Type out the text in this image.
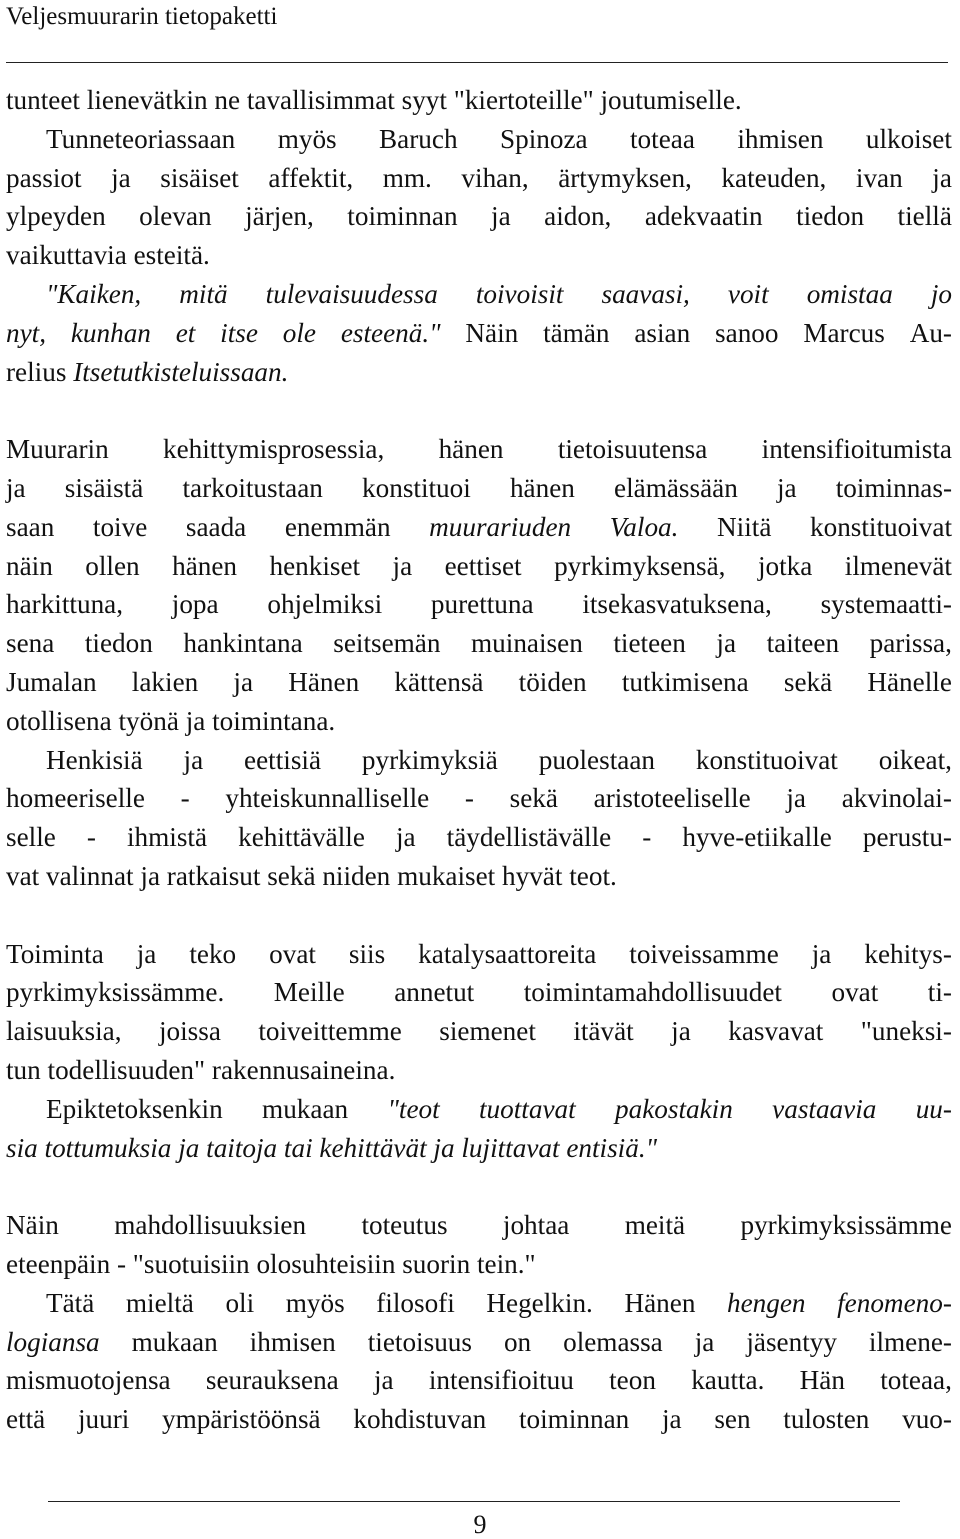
Veljesmuurarin tietopaketti
tunteet lienevätkin ne tavallisimmat syyt "kiertoteille" joutumiselle.
Tunneteoriassaan myös Baruch Spinoza toteaa ihmisen ulkoiset
passiot ja sisäiset affektit, mm. vihan, ärtymyksen, kateuden, ivan ja
ylpeyden olevan järjen, toiminnan ja aidon, adekvaatin tiedon tiellä
vaikuttavia esteitä.
"Kaiken, mitä tulevaisuudessa toivoisit saavasi, voit omistaa jo
nyt, kunhan et itse ole esteenä." Näin tämän asian sanoo Marcus Au-
relius Itsetutkisteluissaan.
Muurarin kehittymisprosessia, hänen tietoisuutensa intensifioitumista
ja sisäistä tarkoitustaan konstituoi hänen elämässään ja toiminnas-
saan toive saada enemmän muurariuden Valoa. Niitä konstituoivat
näin ollen hänen henkiset ja eettiset pyrkimyksensä, jotka ilmenevät
harkittuna, jopa ohjelmiksi purettuna itsekasvatuksena, systemaatti-
sena tiedon hankintana seitsemän muinaisen tieteen ja taiteen parissa,
Jumalan lakien ja Hänen kättensä töiden tutkimisena sekä Hänelle
otollisena työnä ja toimintana.
Henkisiä ja eettisiä pyrkimyksiä puolestaan konstituoivat oikeat,
homeeriselle - yhteiskunnalliselle - sekä aristoteeliselle ja akvinolai-
selle - ihmistä kehittävälle ja täydellistävälle - hyve-etiikalle perustu-
vat valinnat ja ratkaisut sekä niiden mukaiset hyvät teot.
Toiminta ja teko ovat siis katalysaattoreita toiveissamme ja kehitys-
pyrkimyksissämme. Meille annetut toimintamahdollisuudet ovat ti-
laisuuksia, joissa toiveittemme siemenet itävät ja kasvavat "uneksi-
tun todellisuuden" rakennusaineina.
Epiktetoksenkin mukaan "teot tuottavat pakostakin vastaavia uu-
sia tottumuksia ja taitoja tai kehittävät ja lujittavat entisiä."
Näin mahdollisuuksien toteutus johtaa meitä pyrkimyksissämme
eteenpäin - "suotuisiin olosuhteisiin suorin tein."
Tätä mieltä oli myös filosofi Hegelkin. Hänen hengen fenomeno-
logiansa mukaan ihmisen tietoisuus on olemassa ja jäsentyy ilmene-
mismuotojensa seurauksena ja intensifioituu teon kautta. Hän toteaa,
että juuri ympäristöönsä kohdistuvan toiminnan ja sen tulosten vuo-
9
